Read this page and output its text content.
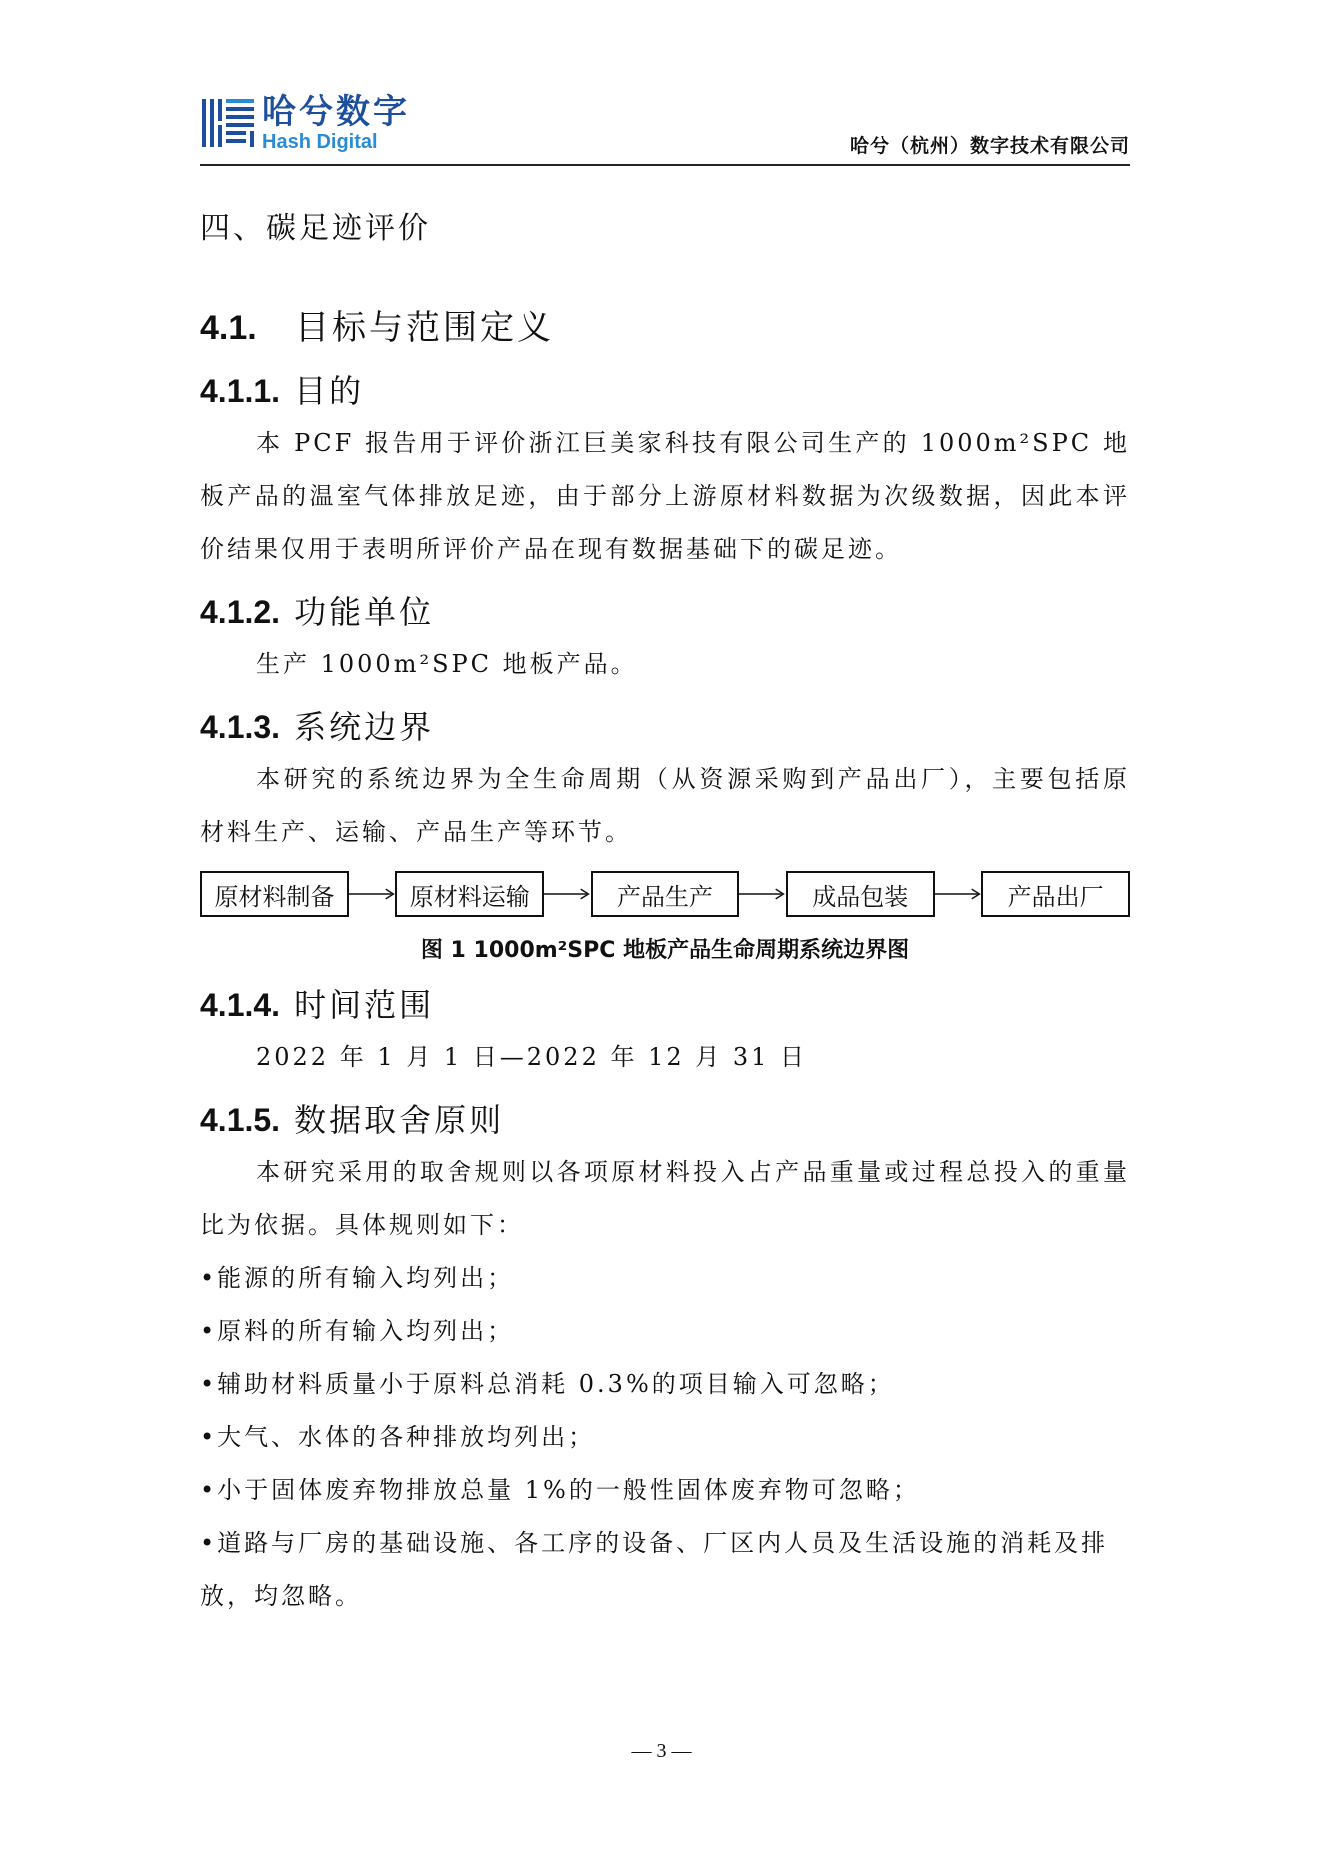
哈兮数字
Hash Digital	哈兮（杭州）数字技术有限公司
四、碳足迹评价
4.1.	目标与范围定义
4.1.1. 目的
本 PCF 报告用于评价浙江巨美家科技有限公司生产的 1000m²SPC 地板产品的温室气体排放足迹，由于部分上游原材料数据为次级数据，因此本评价结果仅用于表明所评价产品在现有数据基础下的碳足迹。
4.1.2. 功能单位
生产 1000m²SPC 地板产品。
4.1.3. 系统边界
本研究的系统边界为全生命周期（从资源采购到产品出厂），主要包括原材料生产、运输、产品生产等环节。
原材料制备	原材料运输	产品生产	成品包装	产品出厂
图 1 1000m²SPC 地板产品生命周期系统边界图
4.1.4. 时间范围
2022 年 1 月 1 日—2022 年 12 月 31 日
4.1.5. 数据取舍原则
本研究采用的取舍规则以各项原材料投入占产品重量或过程总投入的重量比为依据。具体规则如下：
•能源的所有输入均列出；
•原料的所有输入均列出；
•辅助材料质量小于原料总消耗 0.3%的项目输入可忽略；
•大气、水体的各种排放均列出；
•小于固体废弃物排放总量 1%的一般性固体废弃物可忽略；
•道路与厂房的基础设施、各工序的设备、厂区内人员及生活设施的消耗及排放，均忽略。
— 3 —
